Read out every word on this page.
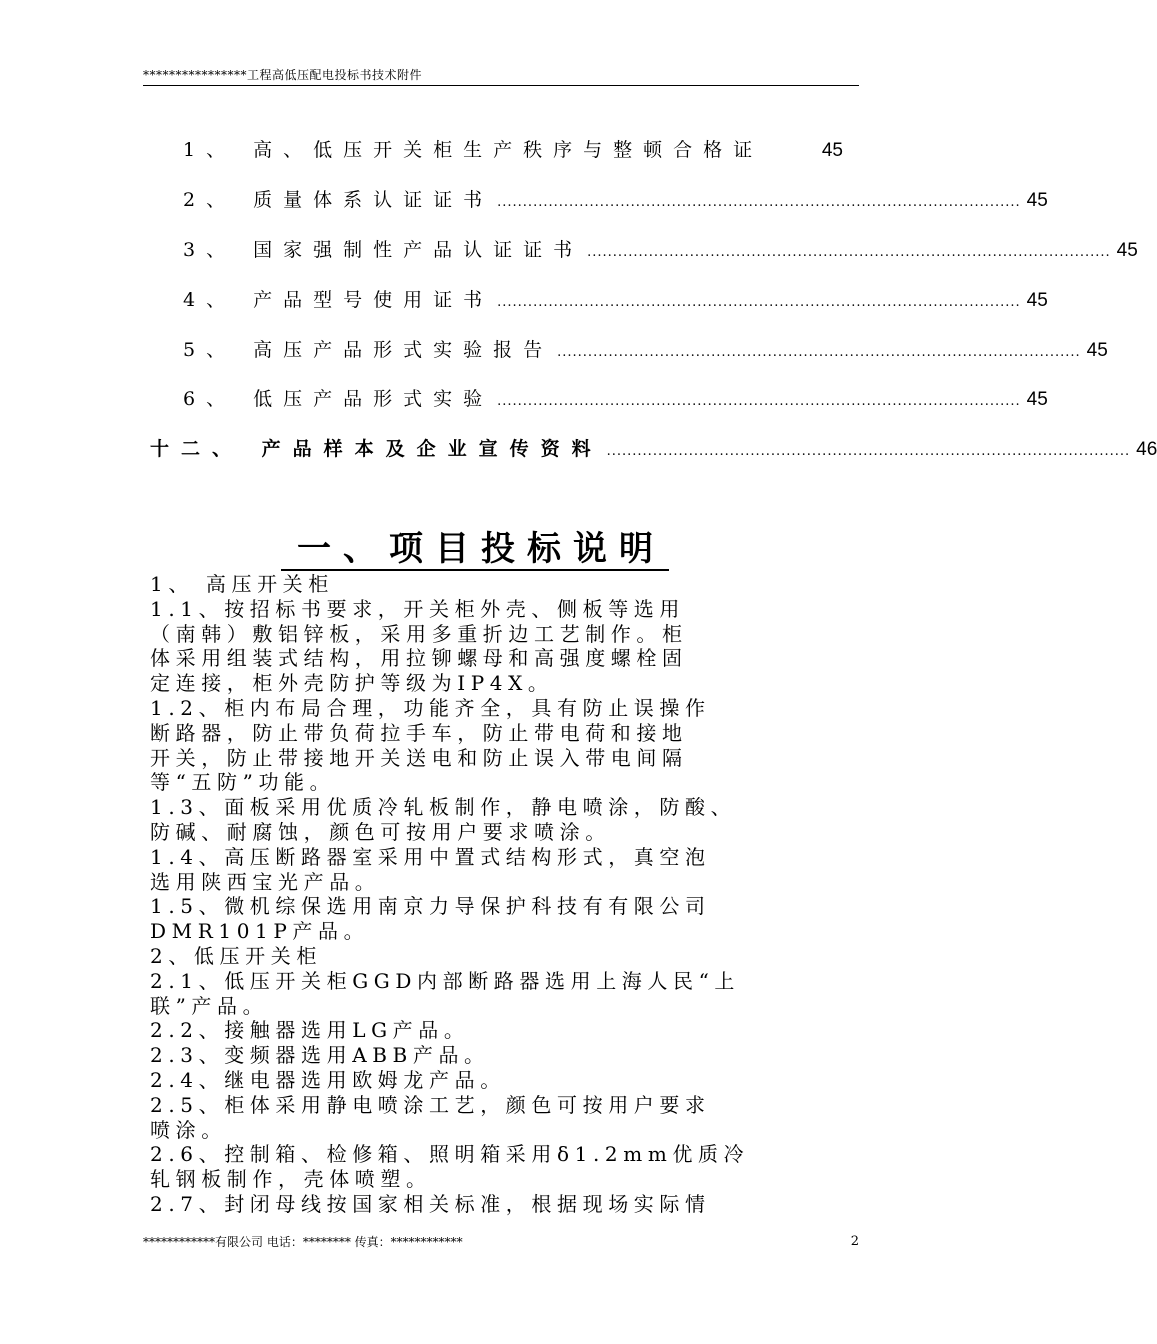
****************工程高低压配电投标书技术附件
1、 高、低压开关柜生产秩序与整顿合格证	45
2、 质量体系认证证书 ...................................................................................................... 45
3、 国家强制性产品认证证书 ...................................................................................................... 45
4、 产品型号使用证书 ...................................................................................................... 45
5、 高压产品形式实验报告 ...................................................................................................... 45
6、 低压产品形式实验 ...................................................................................................... 45
十二、 产品样本及企业宣传资料 ...................................................................................................... 46
一、项目投标说明

1、 高压开关柜

1.1、按招标书要求，开关柜外壳、侧板等选用

（南韩）敷铝锌板，采用多重折边工艺制作。柜

体采用组装式结构，用拉铆螺母和高强度螺栓固

定连接，柜外壳防护等级为IP4X。

1.2、柜内布局合理，功能齐全，具有防止误操作

断路器，防止带负荷拉手车，防止带电荷和接地

开关，防止带接地开关送电和防止误入带电间隔

等“五防”功能。

1.3、面板采用优质冷轧板制作，静电喷涂，防酸、

防碱、耐腐蚀，颜色可按用户要求喷涂。

1.4、高压断路器室采用中置式结构形式，真空泡

选用陕西宝光产品。

1.5、微机综保选用南京力导保护科技有有限公司

DMR101P产品。

2、低压开关柜

2.1、低压开关柜GGD内部断路器选用上海人民“上

联”产品。

2.2、接触器选用LG产品。

2.3、变频器选用ABB产品。

2.4、继电器选用欧姆龙产品。

2.5、柜体采用静电喷涂工艺，颜色可按用户要求

喷涂。

2.6、控制箱、检修箱、照明箱采用δ1.2mm优质冷

轧钢板制作，壳体喷塑。

2.7、封闭母线按国家相关标准，根据现场实际情

************有限公司 电话：******** 传真：************	2
